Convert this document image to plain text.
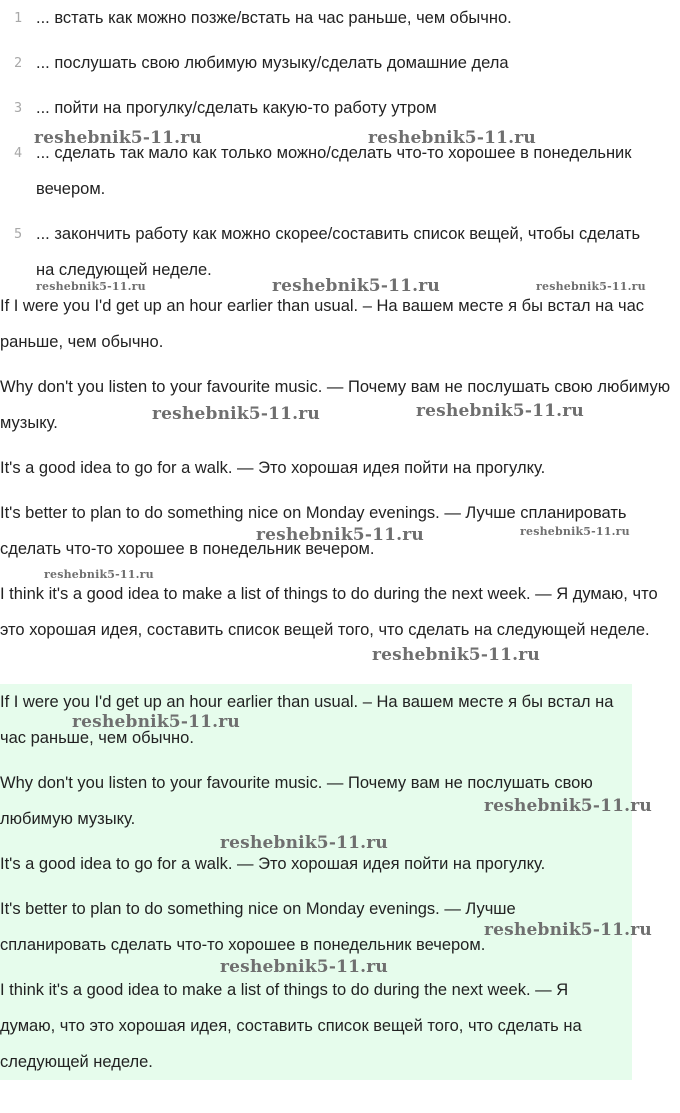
1 ... встать как можно позже/встать на час раньше, чем обычно.
2 ... послушать свою любимую музыку/сделать домашние дела
3 ... пойти на прогулку/сделать какую-то работу утром
4 ... сделать так мало как только можно/сделать что-то хорошее в понедельник вечером.
5 ... закончить работу как можно скорее/составить список вещей, чтобы сделать на следующей неделе.
If I were you I'd get up an hour earlier than usual. – На вашем месте я бы встал на час раньше, чем обычно.
Why don't you listen to your favourite music. — Почему вам не послушать свою любимую музыку.
It's a good idea to go for a walk. — Это хорошая идея пойти на прогулку.
It's better to plan to do something nice on Monday evenings. — Лучше спланировать сделать что-то хорошее в понедельник вечером.
I think it's a good idea to make a list of things to do during the next week. — Я думаю, что это хорошая идея, составить список вещей того, что сделать на следующей неделе.
If I were you I'd get up an hour earlier than usual. – На вашем месте я бы встал на час раньше, чем обычно.
Why don't you listen to your favourite music. — Почему вам не послушать свою любимую музыку.
It's a good idea to go for a walk. — Это хорошая идея пойти на прогулку.
It's better to plan to do something nice on Monday evenings. — Лучше спланировать сделать что-то хорошее в понедельник вечером.
I think it's a good idea to make a list of things to do during the next week. — Я думаю, что это хорошая идея, составить список вещей того, что сделать на следующей неделе.
reshebnik5-11.ru	reshebnik5-11.ru
reshebnik5-11.ru	reshebnik5-11.ru	reshebnik5-11.ru
reshebnik5-11.ru	reshebnik5-11.ru
reshebnik5-11.ru	reshebnik5-11.ru
reshebnik5-11.ru
reshebnik5-11.ru
reshebnik5-11.ru
reshebnik5-11.ru
reshebnik5-11.ru
reshebnik5-11.ru
reshebnik5-11.ru
